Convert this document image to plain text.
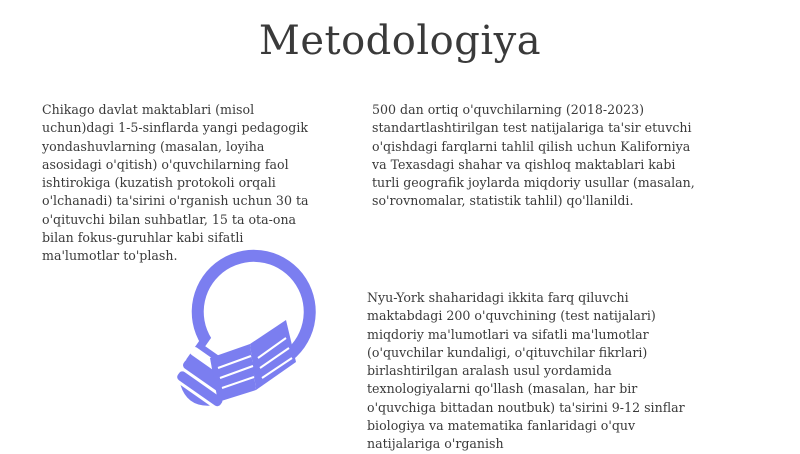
Metodologiya

Chikago davlat maktablari (misol
uchun)dagi 1-5-sinflarda yangi pedagogik
yondashuvlarning (masalan, loyiha
asosidagi o'qitish) o'quvchilarning faol
ishtirokiga (kuzatish protokoli orqali
o'lchanadi) ta'sirini o'rganish uchun 30 ta
o'qituvchi bilan suhbatlar, 15 ta ota-ona
bilan fokus-guruhlar kabi sifatli
ma'lumotlar to'plash.

500 dan ortiq o'quvchilarning (2018-2023)
standartlashtirilgan test natijalariga ta'sir etuvchi
o'qishdagi farqlarni tahlil qilish uchun Kaliforniya
va Texasdagi shahar va qishloq maktablari kabi
turli geografik joylarda miqdoriy usullar (masalan,
so'rovnomalar, statistik tahlil) qo'llanildi.

Nyu-York shaharidagi ikkita farq qiluvchi
maktabdagi 200 o'quvchining (test natijalari)
miqdoriy ma'lumotlari va sifatli ma'lumotlar
(o'quvchilar kundaligi, o'qituvchilar fikrlari)
birlashtirilgan aralash usul yordamida
texnologiyalarni qo'llash (masalan, har bir
o'quvchiga bittadan noutbuk) ta'sirini 9-12 sinflar
biologiya va matematika fanlaridagi o'quv
natijalariga o'rganish
